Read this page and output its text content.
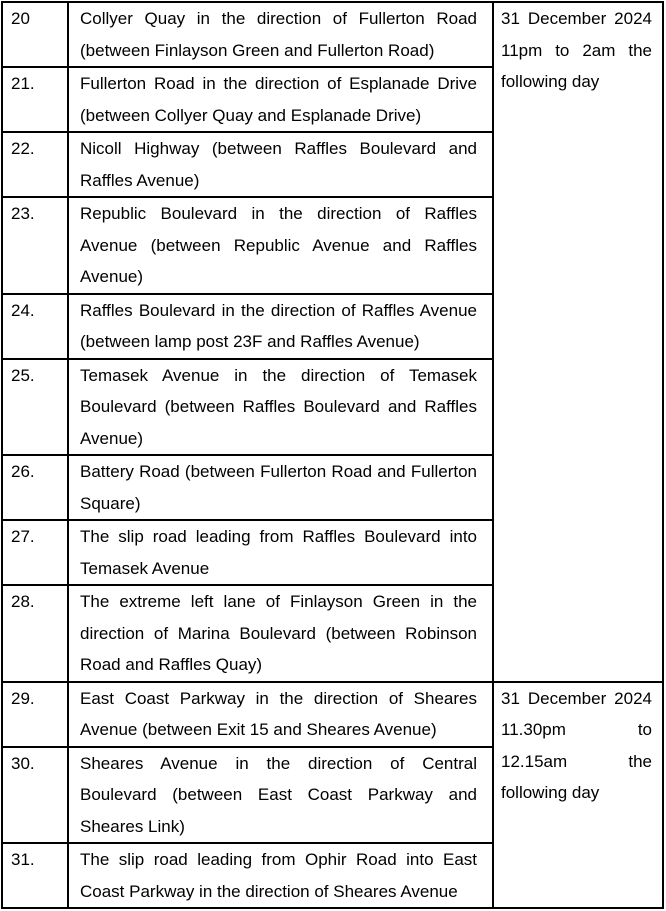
20	Collyer Quay in the direction of Fullerton Road (between Finlayson Green and Fullerton Road)	31 December 2024 11pm to 2am the following day
21.	Fullerton Road in the direction of Esplanade Drive (between Collyer Quay and Esplanade Drive)	
22.	Nicoll Highway (between Raffles Boulevard and Raffles Avenue)	
23.	Republic Boulevard in the direction of Raffles Avenue (between Republic Avenue and Raffles Avenue)	
24.	Raffles Boulevard in the direction of Raffles Avenue (between lamp post 23F and Raffles Avenue)	
25.	Temasek Avenue in the direction of Temasek Boulevard (between Raffles Boulevard and Raffles Avenue)	
26.	Battery Road (between Fullerton Road and Fullerton Square)	
27.	The slip road leading from Raffles Boulevard into Temasek Avenue	
28.	The extreme left lane of Finlayson Green in the direction of Marina Boulevard (between Robinson Road and Raffles Quay)	
29.	East Coast Parkway in the direction of Sheares Avenue (between Exit 15 and Sheares Avenue)	31 December 2024 11.30pm to 12.15am the following day
30.	Sheares Avenue in the direction of Central Boulevard (between East Coast Parkway and Sheares Link)	
31.	The slip road leading from Ophir Road into East Coast Parkway in the direction of Sheares Avenue	
